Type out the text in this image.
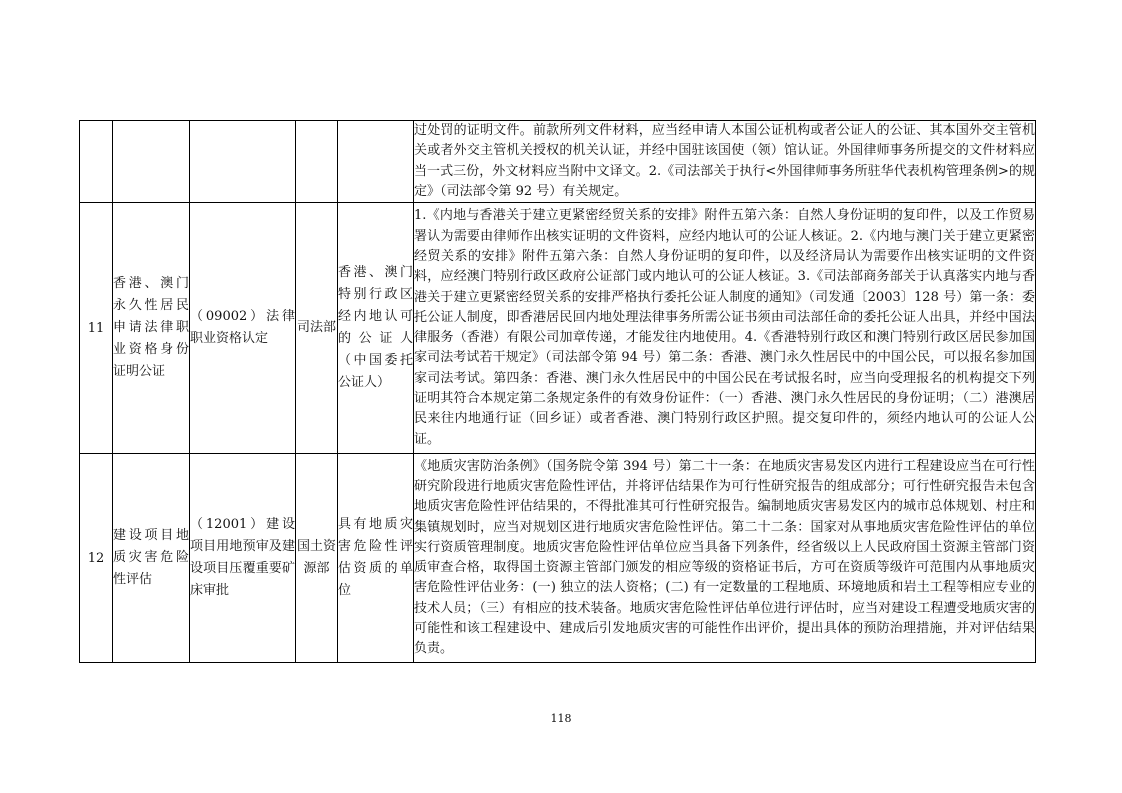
					过处罚的证明文件。前款所列文件材料，应当经申请人本国公证机构或者公证人的公证、其本国外交主管机关或者外交主管机关授权的机关认证，并经中国驻该国使（领）馆认证。外国律师事务所提交的文件材料应当一式三份，外文材料应当附中文译文。2.《司法部关于执行<外国律师事务所驻华代表机构管理条例>的规定》（司法部令第 92 号）有关规定。
11	香港、澳门永久性居民申请法律职业资格身份证明公证	（09002）法律职业资格认定	司法部	香港、澳门特别行政区经内地认可的公证人（中国委托公证人）	1.《内地与香港关于建立更紧密经贸关系的安排》附件五第六条：自然人身份证明的复印件，以及工作贸易署认为需要由律师作出核实证明的文件资料，应经内地认可的公证人核证。2.《内地与澳门关于建立更紧密经贸关系的安排》附件五第六条：自然人身份证明的复印件，以及经济局认为需要作出核实证明的文件资料，应经澳门特别行政区政府公证部门或内地认可的公证人核证。3.《司法部商务部关于认真落实内地与香港关于建立更紧密经贸关系的安排严格执行委托公证人制度的通知》（司发通〔2003〕128 号）第一条：委托公证人制度，即香港居民回内地处理法律事务所需公证书须由司法部任命的委托公证人出具，并经中国法律服务（香港）有限公司加章传递，才能发往内地使用。4.《香港特别行政区和澳门特别行政区居民参加国家司法考试若干规定》（司法部令第 94 号）第二条：香港、澳门永久性居民中的中国公民，可以报名参加国家司法考试。第四条：香港、澳门永久性居民中的中国公民在考试报名时，应当向受理报名的机构提交下列证明其符合本规定第二条规定条件的有效身份证件：（一）香港、澳门永久性居民的身份证明；（二）港澳居民来往内地通行证（回乡证）或者香港、澳门特别行政区护照。提交复印件的，须经内地认可的公证人公证。
12	建设项目地质灾害危险性评估	（12001）建设项目用地预审及建设项目压覆重要矿床审批	国土资源部	具有地质灾害危险性评估资质的单位	《地质灾害防治条例》（国务院令第 394 号）第二十一条：在地质灾害易发区内进行工程建设应当在可行性研究阶段进行地质灾害危险性评估，并将评估结果作为可行性研究报告的组成部分；可行性研究报告未包含地质灾害危险性评估结果的，不得批准其可行性研究报告。编制地质灾害易发区内的城市总体规划、村庄和集镇规划时，应当对规划区进行地质灾害危险性评估。第二十二条：国家对从事地质灾害危险性评估的单位实行资质管理制度。地质灾害危险性评估单位应当具备下列条件，经省级以上人民政府国土资源主管部门资质审查合格，取得国土资源主管部门颁发的相应等级的资格证书后，方可在资质等级许可范围内从事地质灾害危险性评估业务：(一) 独立的法人资格；(二) 有一定数量的工程地质、环境地质和岩土工程等相应专业的技术人员；（三）有相应的技术装备。地质灾害危险性评估单位进行评估时，应当对建设工程遭受地质灾害的可能性和该工程建设中、建成后引发地质灾害的可能性作出评价，提出具体的预防治理措施，并对评估结果负责。
118
